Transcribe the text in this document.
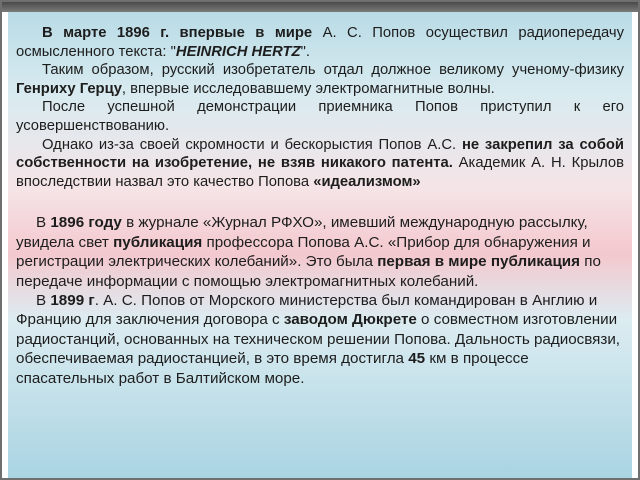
В марте 1896 г. впервые в мире А. С. Попов осуществил радиопередачу осмысленного текста: "HEINRICH HERTZ".

Таким образом, русский изобретатель отдал должное великому ученому-физику Генриху Герцу, впервые исследовавшему электромагнитные волны.

После успешной демонстрации приемника Попов приступил к его усовершенствованию.

Однако из-за своей скромности и бескорыстия Попов А.С. не закрепил за собой собственности на изобретение, не взяв никакого патента. Академик А. Н. Крылов впоследствии назвал это качество Попова «идеализмом»

В 1896 году в журнале «Журнал РФХО», имевший международную рассылку, увидела свет публикация профессора Попова А.С. «Прибор для обнаружения и регистрации электрических колебаний». Это была первая в мире публикация по передаче информации с помощью электромагнитных колебаний.

В 1899 г. А. С. Попов от Морского министерства был командирован в Англию и Францию для заключения договора с заводом Дюкрете о совместном изготовлении радиостанций, основанных на техническом решении Попова. Дальность радиосвязи, обеспечиваемая радиостанцией, в это время достигла 45 км в процессе спасательных работ в Балтийском море.
